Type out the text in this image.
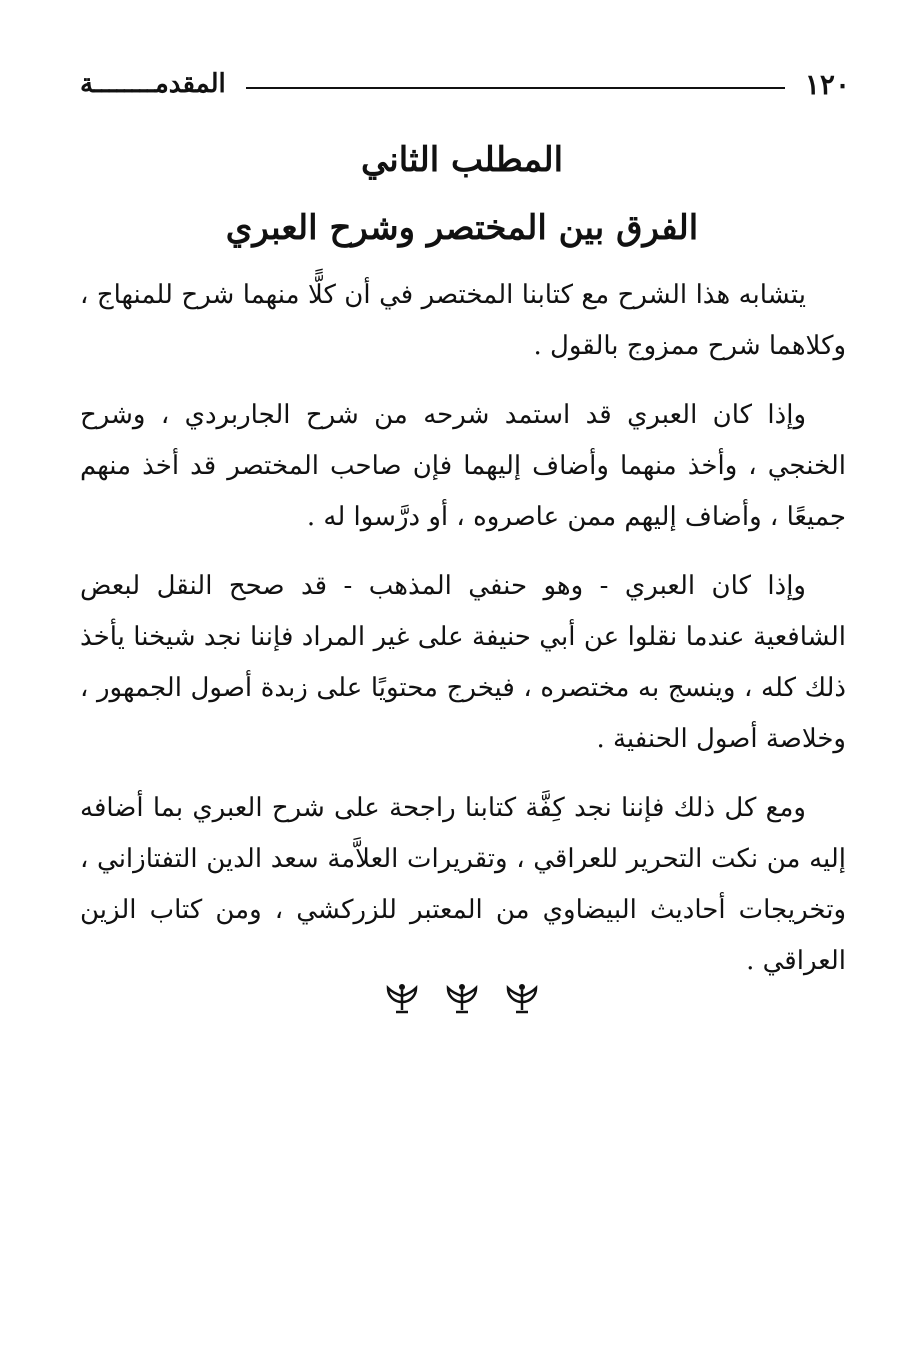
١٢٠
المقدمــــــــة
المطلب الثاني
الفرق بين المختصر وشرح العبري

يتشابه هذا الشرح مع كتابنا المختصر في أن كلًّا منهما شرح للمنهاج ، وكلاهما شرح ممزوج بالقول .

وإذا كان العبري قد استمد شرحه من شرح الجاربردي ، وشرح الخنجي ، وأخذ منهما وأضاف إليهما فإن صاحب المختصر قد أخذ منهم جميعًا ، وأضاف إليهم ممن عاصروه ، أو درَّسوا له .

وإذا كان العبري - وهو حنفي المذهب - قد صحح النقل لبعض الشافعية عندما نقلوا عن أبي حنيفة على غير المراد فإننا نجد شيخنا يأخذ ذلك كله ، وينسج به مختصره ، فيخرج محتويًا على زبدة أصول الجمهور ، وخلاصة أصول الحنفية .

ومع كل ذلك فإننا نجد كِفَّة كتابنا راجحة على شرح العبري بما أضافه إليه من نكت التحرير للعراقي ، وتقريرات العلاَّمة سعد الدين التفتازاني ، وتخريجات أحاديث البيضاوي من المعتبر للزركشي ، ومن كتاب الزين العراقي .
